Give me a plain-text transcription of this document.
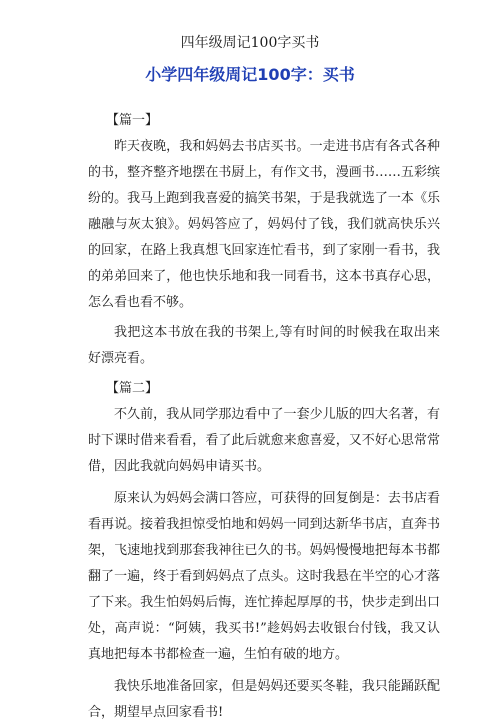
四年级周记100字买书
小学四年级周记100字：买书

【篇一】

昨天夜晚，我和妈妈去书店买书。一走进书店有各式各种的书，整齐整齐地摆在书厨上，有作文书，漫画书……五彩缤纷的。我马上跑到我喜爱的搞笑书架，于是我就选了一本《乐融融与灰太狼》。妈妈答应了，妈妈付了钱，我们就高快乐兴的回家，在路上我真想飞回家连忙看书，到了家刚一看书，我的弟弟回来了，他也快乐地和我一同看书，这本书真存心思，怎么看也看不够。

我把这本书放在我的书架上,等有时间的时候我在取出来好漂亮看。

【篇二】

不久前，我从同学那边看中了一套少儿版的四大名著，有时下课时借来看看，看了此后就愈来愈喜爱，又不好心思常常借，因此我就向妈妈申请买书。

原来认为妈妈会满口答应，可获得的回复倒是：去书店看看再说。接着我担惊受怕地和妈妈一同到达新华书店，直奔书架，飞速地找到那套我神往已久的书。妈妈慢慢地把每本书都翻了一遍，终于看到妈妈点了点头。这时我悬在半空的心才落了下来。我生怕妈妈后悔，连忙捧起厚厚的书，快步走到出口处，高声说：“阿姨，我买书!”趁妈妈去收银台付钱，我又认真地把每本书都检查一遍，生怕有破的地方。

我快乐地准备回家，但是妈妈还要买冬鞋，我只能踊跃配合，期望早点回家看书!
